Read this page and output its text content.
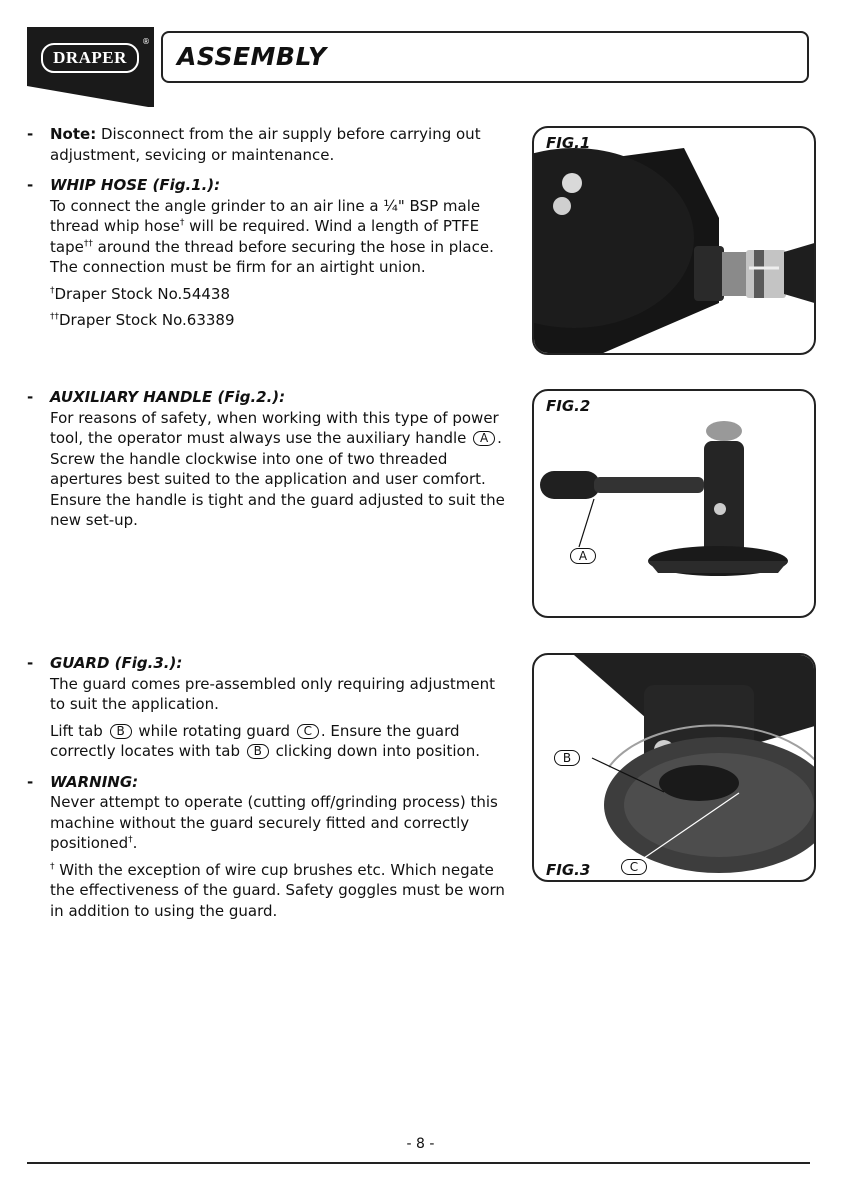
DRAPER
®
ASSEMBLY
- Note: Disconnect from the air supply before carrying out adjustment, sevicing or maintenance.

- WHIP HOSE (Fig.1.):

To connect the angle grinder to an air line a ¼" BSP male thread whip hose† will be required. Wind a length of PTFE tape†† around the thread before securing the hose in place. The connection must be firm for an airtight union.

†Draper Stock No.54438

††Draper Stock No.63389

- AUXILIARY HANDLE (Fig.2.):

For reasons of safety, when working with this type of power tool, the operator must always use the auxiliary handle A . Screw the handle clockwise into one of two threaded apertures best suited to the application and user comfort.

Ensure the handle is tight and the guard adjusted to suit the new set-up.

- GUARD (Fig.3.):

The guard comes pre-assembled only requiring adjustment to suit the application.

Lift tab B while rotating guard C . Ensure the guard correctly locates with tab B clicking down into position.

- WARNING:

Never attempt to operate (cutting off/grinding process) this machine without the guard securely fitted and correctly positioned†.

† With the exception of wire cup brushes etc. Which negate the effectiveness of the guard. Safety goggles must be worn in addition to using the guard.

FIG.1
FIG.2
A
B
FIG.3	C
- 8 -
